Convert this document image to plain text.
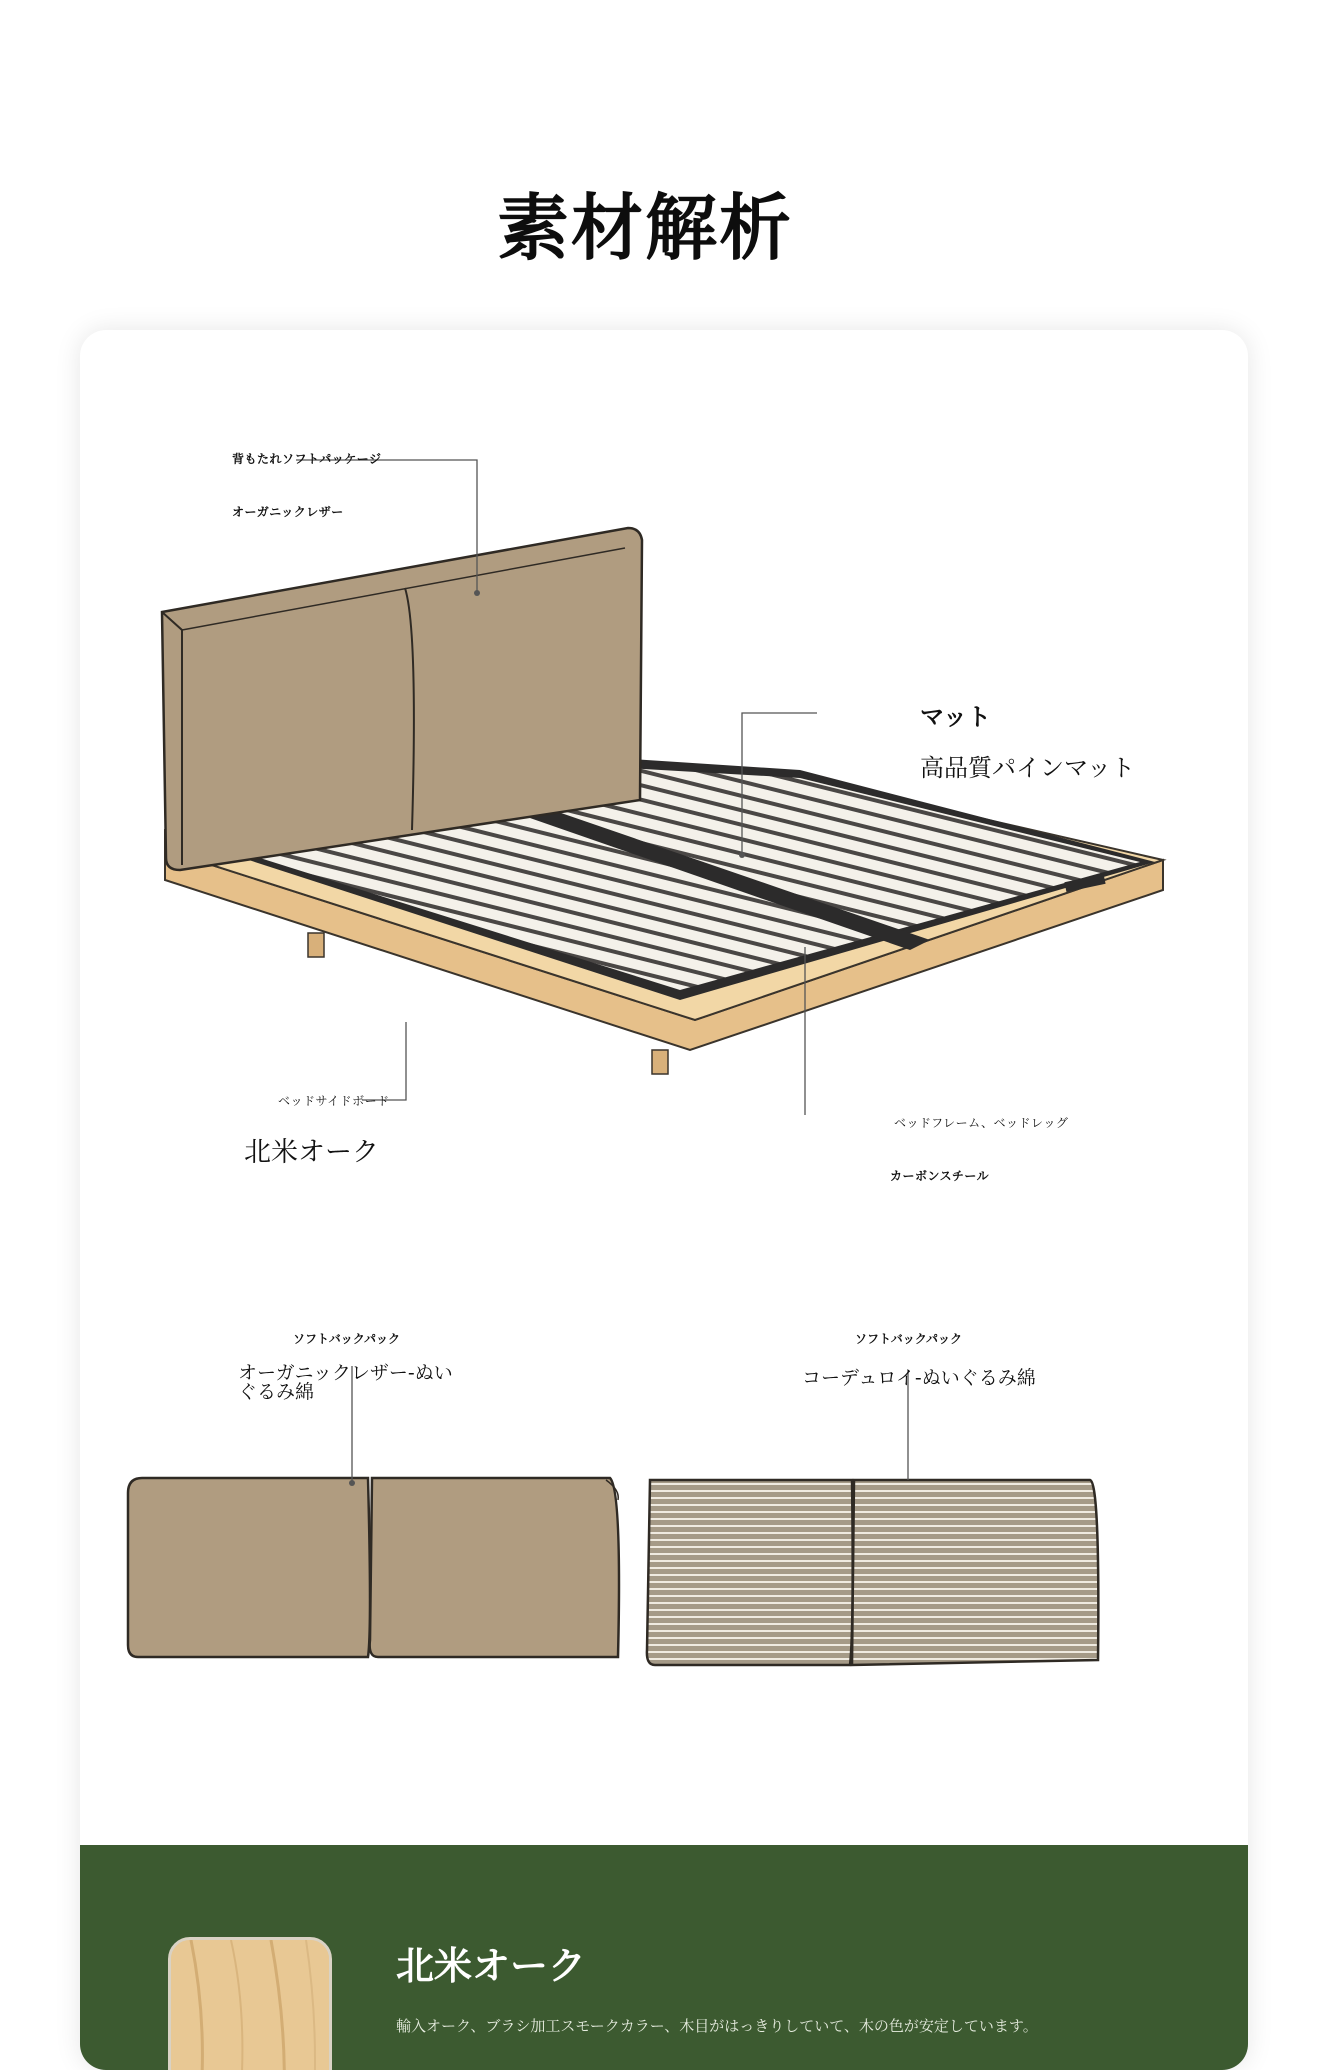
素材解析
背もたれソフトパッケージ
オーガニックレザー
マット
高品質パインマット
ベッドサイドボード
北米オーク
ベッドフレーム、ベッドレッグ
カーボンスチール
ソフトバックパック
オーガニックレザー-ぬい
ぐるみ綿
ソフトバックパック
コーデュロイ-ぬいぐるみ綿
北米オーク
輸入オーク、ブラシ加工スモークカラー、木目がはっきりしていて、木の色が安定しています。
